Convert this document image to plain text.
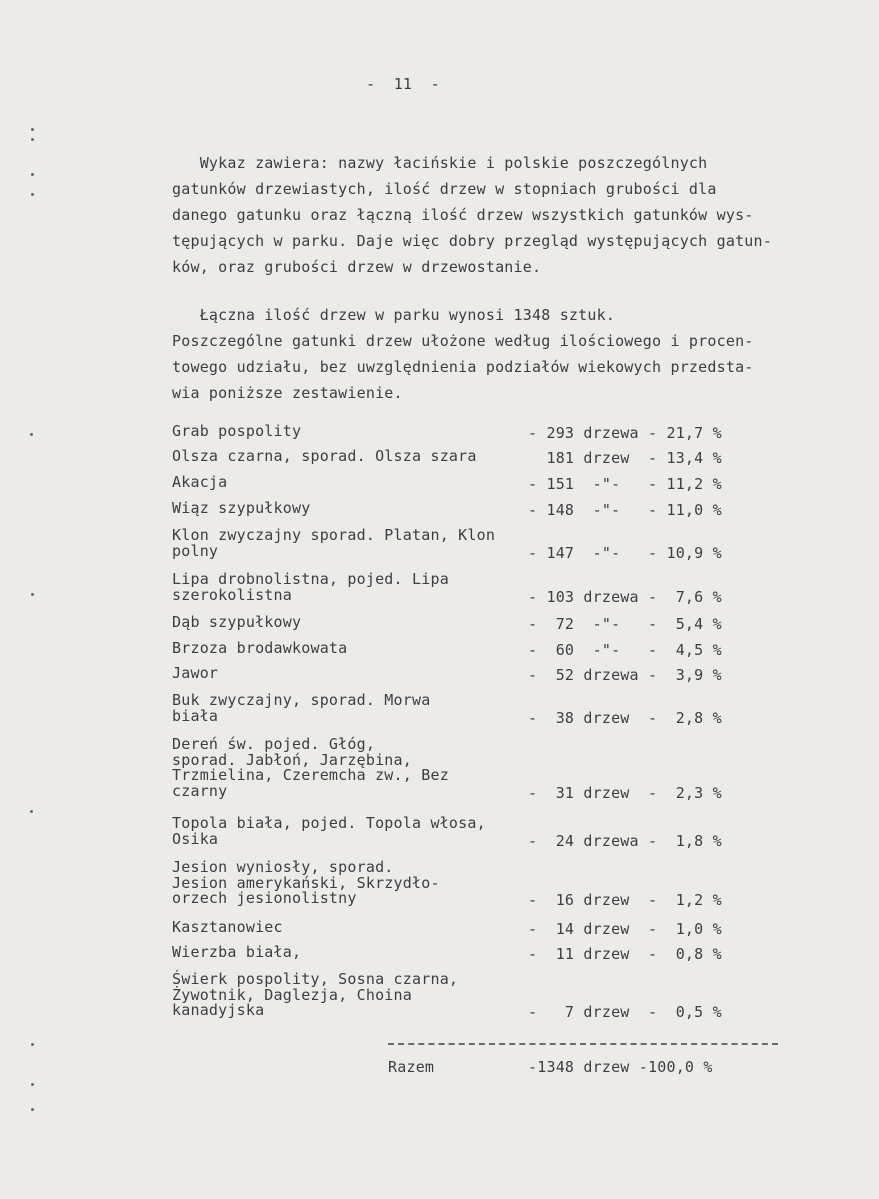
-  11  -
Wykaz zawiera: nazwy łacińskie i polskie poszczególnych
gatunków drzewiastych, ilość drzew w stopniach grubości dla
danego gatunku oraz łączną ilość drzew wszystkich gatunków wys-
tępujących w parku. Daje więc dobry przegląd występujących gatun-
ków, oraz grubości drzew w drzewostanie.
Łączna ilość drzew w parku wynosi 1348 sztuk.
Poszczególne gatunki drzew ułożone według ilościowego i procen-
towego udziału, bez uwzględnienia podziałów wiekowych przedsta-
wia poniższe zestawienie.
Grab pospolity	- 293 drzewa - 21,7 %
Olsza czarna, sporad. Olsza szara	181 drzew  - 13,4 %
Akacja	- 151  -"-   - 11,2 %
Wiąz szypułkowy	- 148  -"-   - 11,0 %
Klon zwyczajny sporad. Platan, Klon
polny	- 147  -"-   - 10,9 %
Lipa drobnolistna, pojed. Lipa
szerokolistna	- 103 drzewa -  7,6 %
Dąb szypułkowy	-  72  -"-   -  5,4 %
Brzoza brodawkowata	-  60  -"-   -  4,5 %
Jawor	-  52 drzewa -  3,9 %
Buk zwyczajny, sporad. Morwa
biała	-  38 drzew  -  2,8 %
Dereń św. pojed. Głóg,
sporad. Jabłoń, Jarzębina,
Trzmielina, Czeremcha zw., Bez
czarny	-  31 drzew  -  2,3 %
Topola biała, pojed. Topola włosa,
Osika	-  24 drzewa -  1,8 %
Jesion wyniosły, sporad.
Jesion amerykański, Skrzydło-
orzech jesionolistny	-  16 drzew  -  1,2 %
Kasztanowiec	-  14 drzew  -  1,0 %
Wierzba biała,	-  11 drzew  -  0,8 %
Świerk pospolity, Sosna czarna,
Żywotnik, Daglezja, Choina
kanadyjska	-   7 drzew  -  0,5 %
Razem	-1348 drzew -100,0 %
